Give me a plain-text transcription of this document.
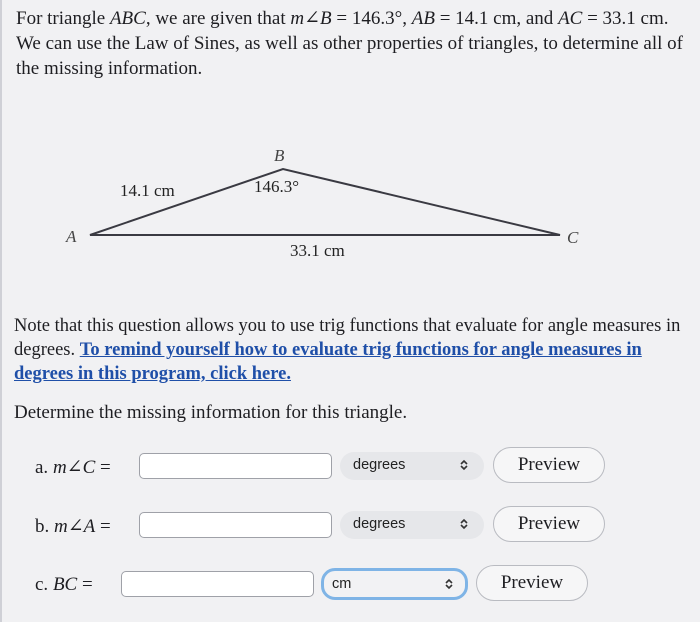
For triangle ABC, we are given that m∠B = 146.3°, AB = 14.1 cm, and AC = 33.1 cm. We can use the Law of Sines, as well as other properties of triangles, to determine all of the missing information.
A
B
C
14.1 cm	146.3°
33.1 cm
Note that this question allows you to use trig functions that evaluate for angle measures in degrees. To remind yourself how to evaluate trig functions for angle measures in degrees in this program, click here.
Determine the missing information for this triangle.
a. m∠C =	degrees	Preview
b. m∠A =	degrees	Preview
c. BC =	cm	Preview
